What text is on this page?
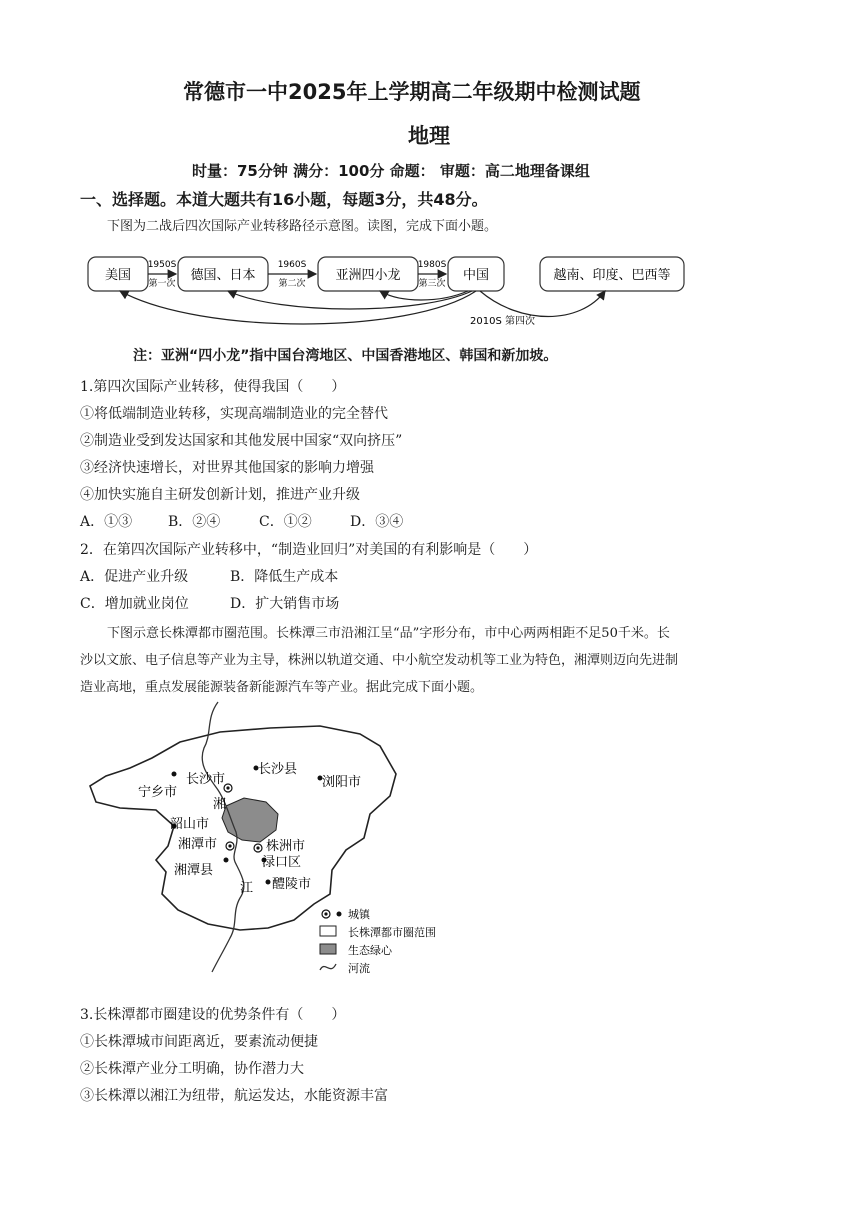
常德市一中2025年上学期高二年级期中检测试题
地理
时量：75分钟 满分：100分 命题： 审题：高二地理备课组
一、选择题。本道大题共有16小题，每题3分，共48分。
下图为二战后四次国际产业转移路径示意图。读图，完成下面小题。
美国	德国、日本	亚洲四小龙	中国	越南、印度、巴西等
1950S
第一次
1960S
第二次
1980S
第三次
2010S 第四次
注：亚洲“四小龙”指中国台湾地区、中国香港地区、韩国和新加坡。
1.第四次国际产业转移，使得我国（　　）
①将低端制造业转移，实现高端制造业的完全替代
②制造业受到发达国家和其他发展中国家“双向挤压”
③经济快速增长，对世界其他国家的影响力增强
④加快实施自主研发创新计划，推进产业升级
A．①③	B．②④	C．①②	D．③④
2．在第四次国际产业转移中，“制造业回归”对美国的有利影响是（　　）
A．促进产业升级	B．降低生产成本
C．增加就业岗位	D．扩大销售市场
下图示意长株潭都市圈范围。长株潭三市沿湘江呈“品”字形分布，市中心两两相距不足50千米。长
沙以文旅、电子信息等产业为主导，株洲以轨道交通、中小航空发动机等工业为特色，湘潭则迈向先进制
造业高地，重点发展能源装备新能源汽车等产业。据此完成下面小题。
长沙市
长沙县
浏阳市
宁乡市
韶山市
湘潭市	株洲市
渌口区
湘潭县
醴陵市
湘
江
城镇
长株潭都市圈范围
生态绿心
河流
3.长株潭都市圈建设的优势条件有（　　）
①长株潭城市间距离近，要素流动便捷
②长株潭产业分工明确，协作潜力大
③长株潭以湘江为纽带，航运发达，水能资源丰富
